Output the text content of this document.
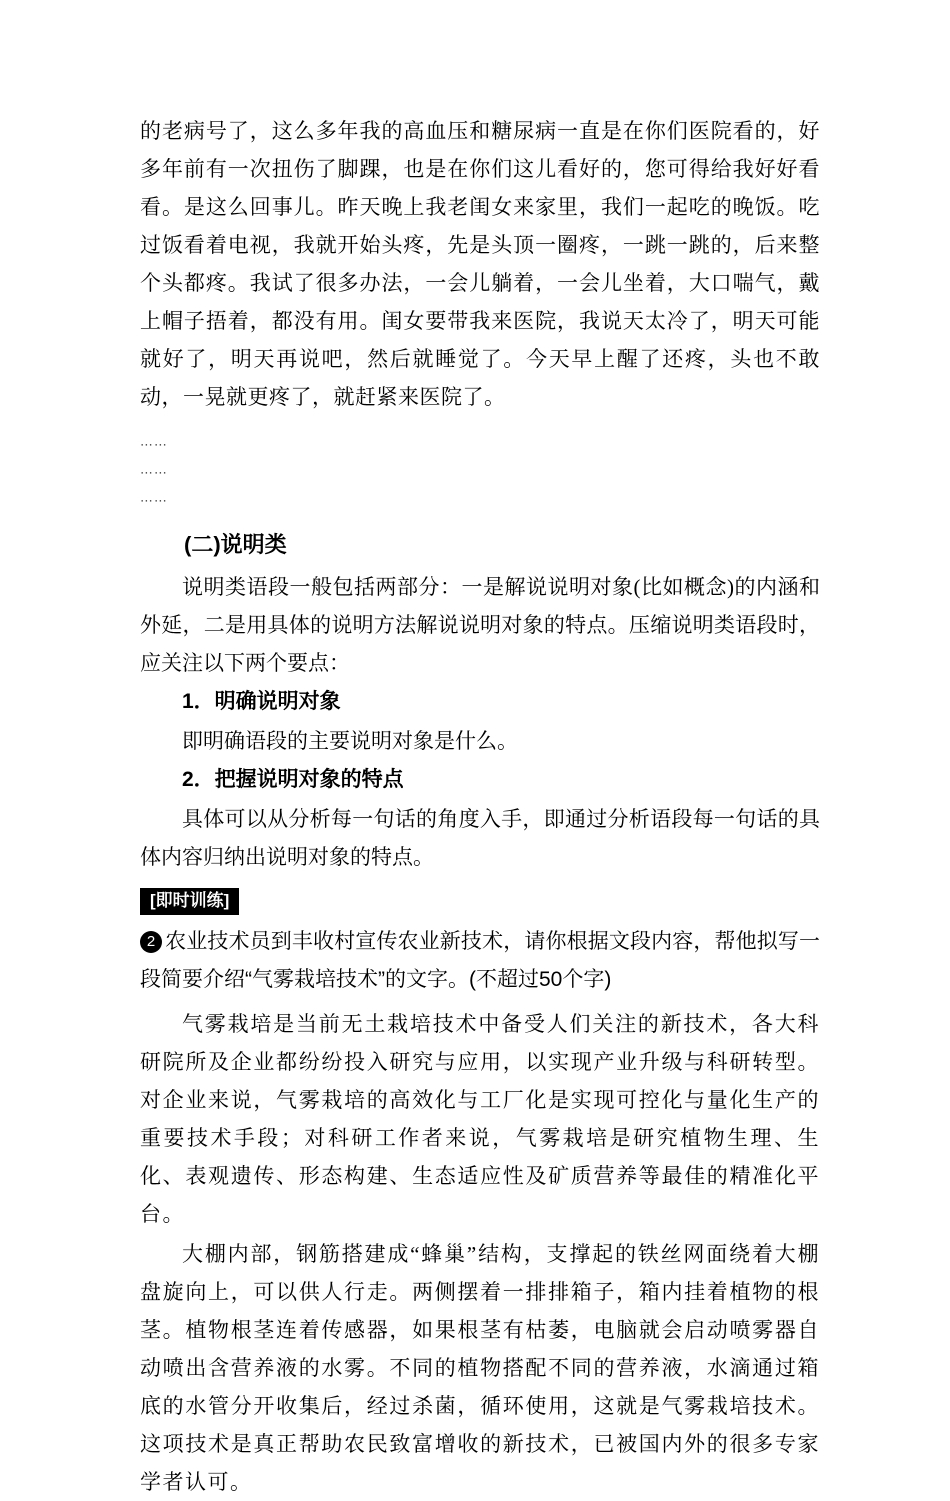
的老病号了，这么多年我的高血压和糖尿病一直是在你们医院看的，好多年前有一次扭伤了脚踝，也是在你们这儿看好的，您可得给我好好看看。是这么回事儿。昨天晚上我老闺女来家里，我们一起吃的晚饭。吃过饭看着电视，我就开始头疼，先是头顶一圈疼，一跳一跳的，后来整个头都疼。我试了很多办法，一会儿躺着，一会儿坐着，大口喘气，戴上帽子捂着，都没有用。闺女要带我来医院，我说天太冷了，明天可能就好了，明天再说吧，然后就睡觉了。今天早上醒了还疼，头也不敢动，一晃就更疼了，就赶紧来医院了。

⋯⋯
⋯⋯
⋯⋯
(二)说明类

说明类语段一般包括两部分：一是解说说明对象(比如概念)的内涵和外延，二是用具体的说明方法解说说明对象的特点。压缩说明类语段时，应关注以下两个要点：

1．明确说明对象

即明确语段的主要说明对象是什么。

2．把握说明对象的特点

具体可以从分析每一句话的角度入手，即通过分析语段每一句话的具体内容归纳出说明对象的特点。

[即时训练]

2 农业技术员到丰收村宣传农业新技术，请你根据文段内容，帮他拟写一段简要介绍“气雾栽培技术”的文字。(不超过50个字)

气雾栽培是当前无土栽培技术中备受人们关注的新技术，各大科研院所及企业都纷纷投入研究与应用，以实现产业升级与科研转型。对企业来说，气雾栽培的高效化与工厂化是实现可控化与量化生产的重要技术手段；对科研工作者来说，气雾栽培是研究植物生理、生化、表观遗传、形态构建、生态适应性及矿质营养等最佳的精准化平台。

大棚内部，钢筋搭建成“蜂巢”结构，支撑起的铁丝网面绕着大棚盘旋向上，可以供人行走。两侧摆着一排排箱子，箱内挂着植物的根茎。植物根茎连着传感器，如果根茎有枯萎，电脑就会启动喷雾器自动喷出含营养液的水雾。不同的植物搭配不同的营养液，水滴通过箱底的水管分开收集后，经过杀菌，循环使用，这就是气雾栽培技术。这项技术是真正帮助农民致富增收的新技术，已被国内外的很多专家学者认可。
